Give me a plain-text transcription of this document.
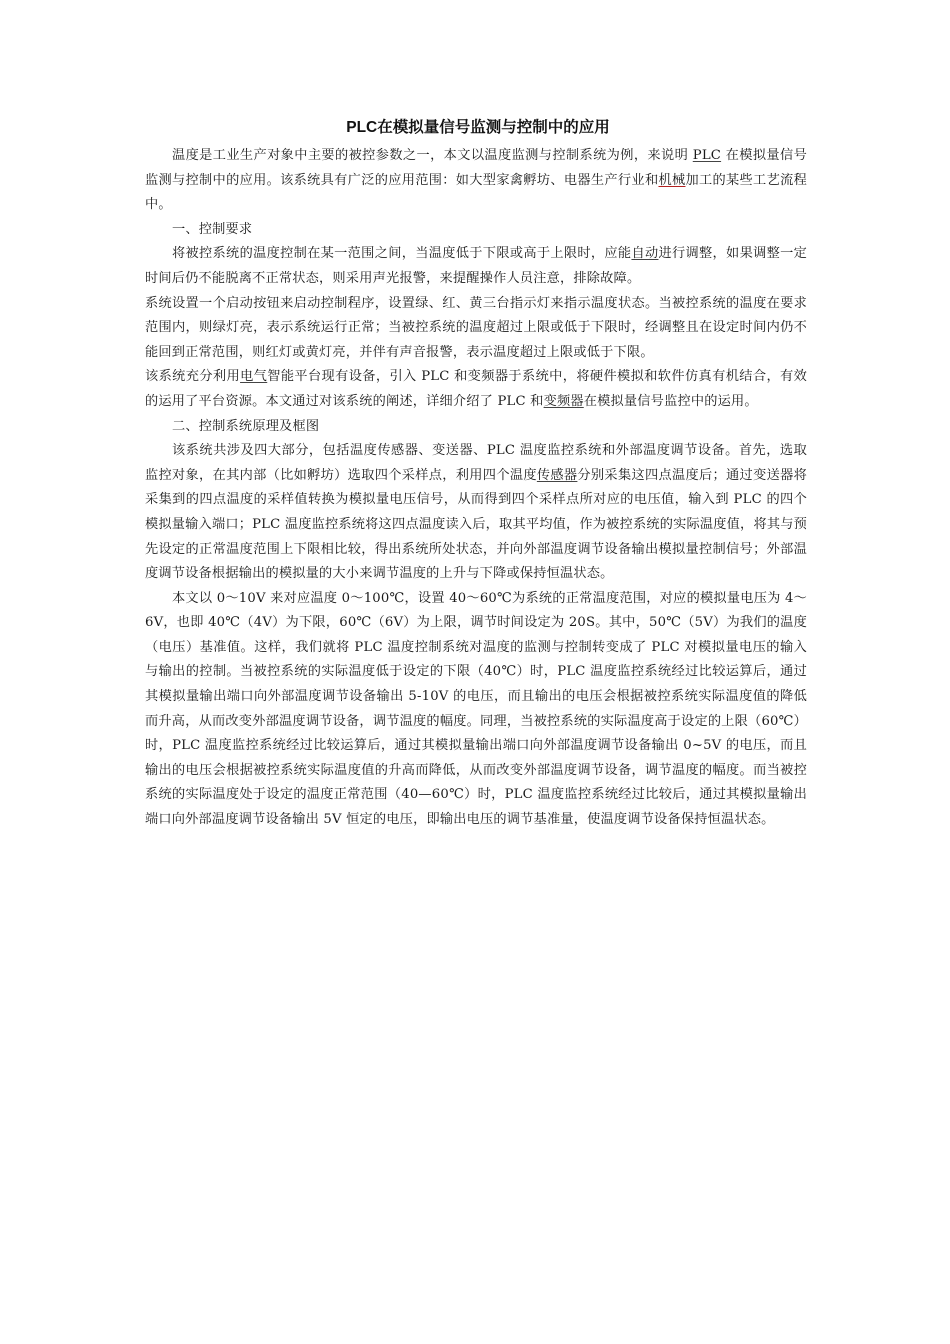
PLC在模拟量信号监测与控制中的应用

温度是工业生产对象中主要的被控参数之一，本文以温度监测与控制系统为例，来说明 PLC 在模拟量信号监测与控制中的应用。该系统具有广泛的应用范围：如大型家禽孵坊、电器生产行业和机械加工的某些工艺流程中。

一、控制要求

将被控系统的温度控制在某一范围之间，当温度低于下限或高于上限时，应能自动进行调整，如果调整一定时间后仍不能脱离不正常状态，则采用声光报警，来提醒操作人员注意，排除故障。

系统设置一个启动按钮来启动控制程序，设置绿、红、黄三台指示灯来指示温度状态。当被控系统的温度在要求范围内，则绿灯亮，表示系统运行正常；当被控系统的温度超过上限或低于下限时，经调整且在设定时间内仍不能回到正常范围，则红灯或黄灯亮，并伴有声音报警，表示温度超过上限或低于下限。

该系统充分利用电气智能平台现有设备，引入 PLC 和变频器于系统中，将硬件模拟和软件仿真有机结合，有效的运用了平台资源。本文通过对该系统的阐述，详细介绍了 PLC 和变频器在模拟量信号监控中的运用。

二、控制系统原理及框图

该系统共涉及四大部分，包括温度传感器、变送器、PLC 温度监控系统和外部温度调节设备。首先，选取监控对象，在其内部（比如孵坊）选取四个采样点，利用四个温度传感器分别采集这四点温度后；通过变送器将采集到的四点温度的采样值转换为模拟量电压信号，从而得到四个采样点所对应的电压值，输入到 PLC 的四个模拟量输入端口；PLC 温度监控系统将这四点温度读入后，取其平均值，作为被控系统的实际温度值，将其与预先设定的正常温度范围上下限相比较，得出系统所处状态，并向外部温度调节设备输出模拟量控制信号；外部温度调节设备根据输出的模拟量的大小来调节温度的上升与下降或保持恒温状态。

本文以 0～10V 来对应温度 0～100℃，设置 40～60℃为系统的正常温度范围，对应的模拟量电压为 4～6V，也即 40℃（4V）为下限，60℃（6V）为上限，调节时间设定为 20S。其中，50℃（5V）为我们的温度（电压）基准值。这样，我们就将 PLC 温度控制系统对温度的监测与控制转变成了 PLC 对模拟量电压的输入与输出的控制。当被控系统的实际温度低于设定的下限（40℃）时，PLC 温度监控系统经过比较运算后，通过其模拟量输出端口向外部温度调节设备输出 5-10V 的电压，而且输出的电压会根据被控系统实际温度值的降低而升高，从而改变外部温度调节设备，调节温度的幅度。同理，当被控系统的实际温度高于设定的上限（60℃）时，PLC 温度监控系统经过比较运算后，通过其模拟量输出端口向外部温度调节设备输出 0~5V 的电压，而且输出的电压会根据被控系统实际温度值的升高而降低，从而改变外部温度调节设备，调节温度的幅度。而当被控系统的实际温度处于设定的温度正常范围（40—60℃）时，PLC 温度监控系统经过比较后，通过其模拟量输出端口向外部温度调节设备输出 5V 恒定的电压，即输出电压的调节基准量，使温度调节设备保持恒温状态。
